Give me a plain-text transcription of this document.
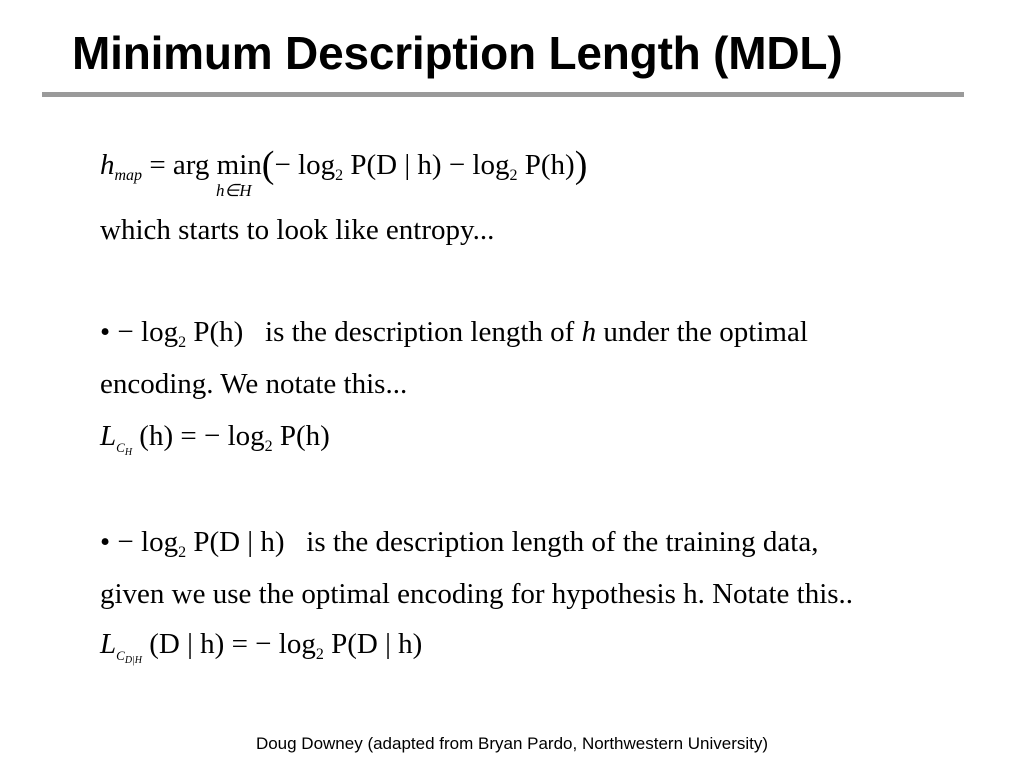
Minimum Description Length (MDL)
$h_{map}$ = arg $\min(- \log_2 P(D$ | $h) - \log_2 P(h)$)
h∈H
which starts to look like entropy...
• − $\log_2 P(h)$ is the description length of h under the optimal
encoding. We notate this...
$L_{C_H}$ (h) = − $\log_2 P(h)$
• − $\log_2 P(D$ | h) is the description length of the training data,
given we use the optimal encoding for hypothesis h. Notate this..
$L_{C_{D|H}}$ (D | h) = − $\log_2 P(D$ | h)
Doug Downey (adapted from Bryan Pardo, Northwestern University)
